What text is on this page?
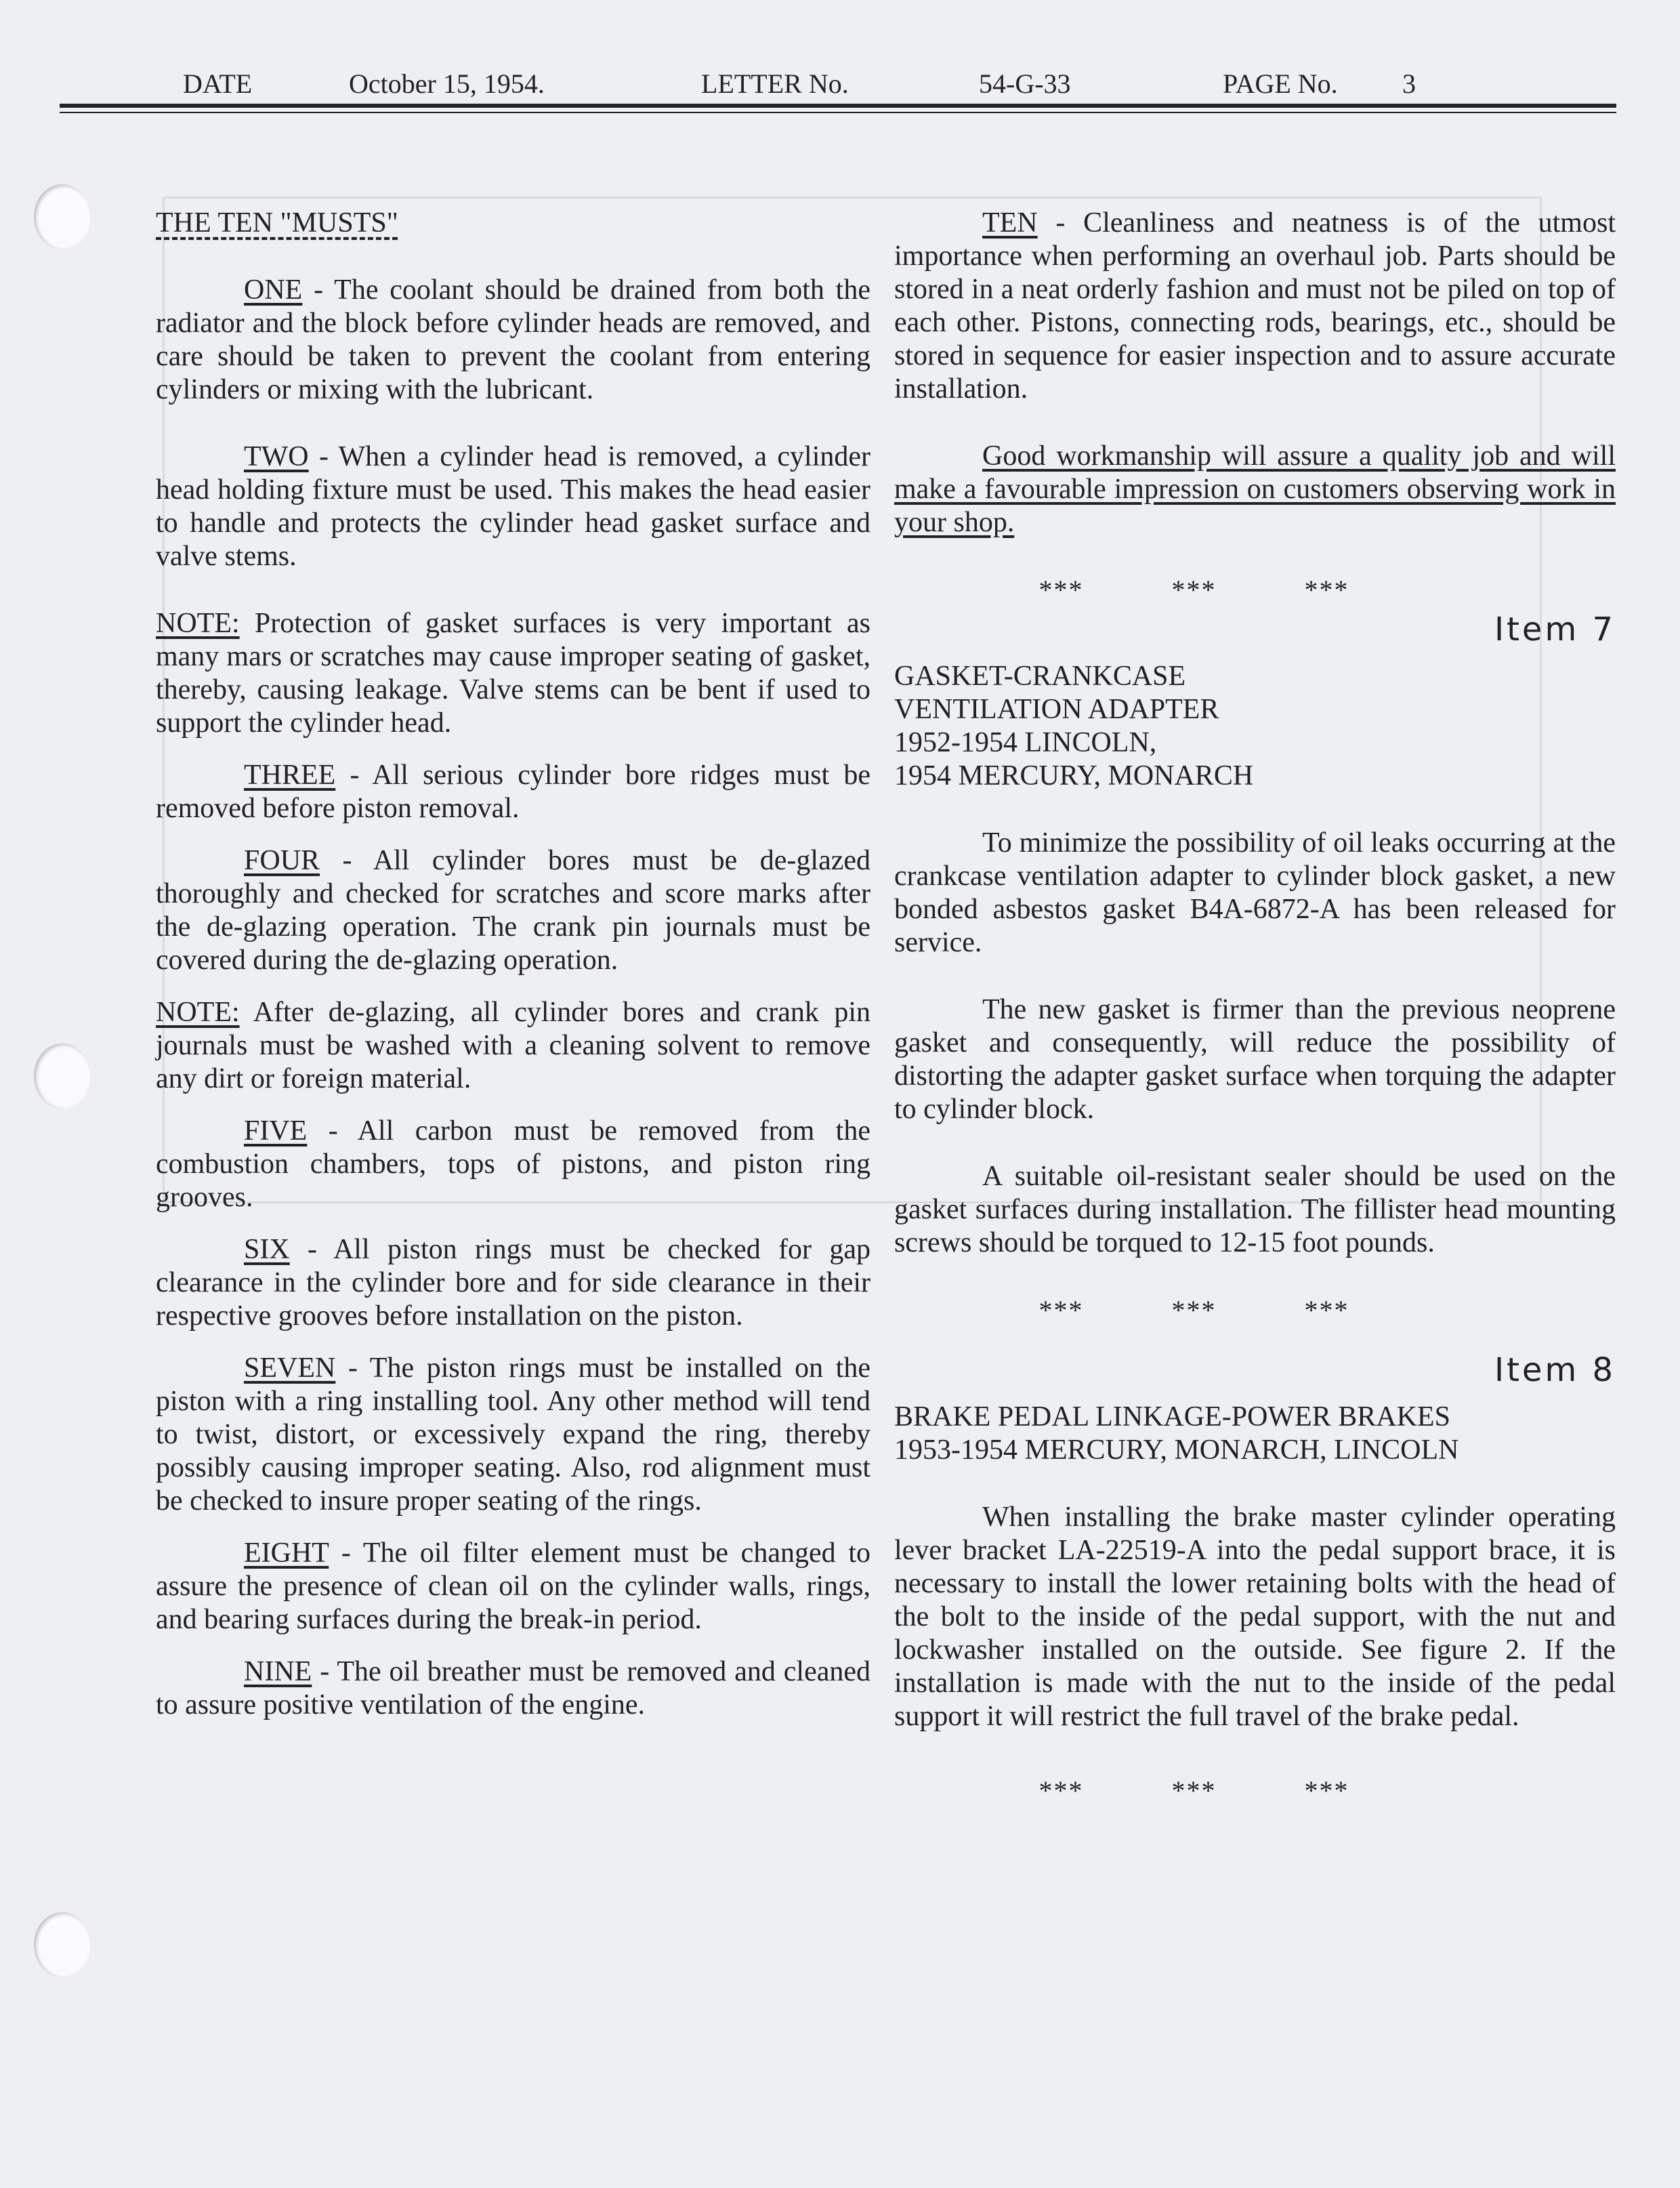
DATE	October 15, 1954.	LETTER No.	54-G-33	PAGE No. 3

THE TEN "MUSTS"

ONE - The coolant should be drained from both the radiator and the block before cylinder heads are removed, and care should be taken to prevent the coolant from entering cylinders or mixing with the lubricant.

TWO - When a cylinder head is removed, a cylinder head holding fixture must be used. This makes the head easier to handle and protects the cylinder head gasket surface and valve stems.

NOTE: Protection of gasket surfaces is very important as many mars or scratches may cause improper seating of gasket, thereby, causing leakage. Valve stems can be bent if used to support the cylinder head.

THREE - All serious cylinder bore ridges must be removed before piston removal.

FOUR - All cylinder bores must be de-glazed thoroughly and checked for scratches and score marks after the de-glazing operation. The crank pin journals must be covered during the de-glazing operation.

NOTE: After de-glazing, all cylinder bores and crank pin journals must be washed with a cleaning solvent to remove any dirt or foreign material.

FIVE - All carbon must be removed from the combustion chambers, tops of pistons, and piston ring grooves.

SIX - All piston rings must be checked for gap clearance in the cylinder bore and for side clearance in their respective grooves before installation on the piston.

SEVEN - The piston rings must be installed on the piston with a ring installing tool. Any other method will tend to twist, distort, or excessively expand the ring, thereby possibly causing improper seating. Also, rod alignment must be checked to insure proper seating of the rings.

EIGHT - The oil filter element must be changed to assure the presence of clean oil on the cylinder walls, rings, and bearing surfaces during the break-in period.

NINE - The oil breather must be removed and cleaned to assure positive ventilation of the engine.

TEN - Cleanliness and neatness is of the utmost importance when performing an overhaul job. Parts should be stored in a neat orderly fashion and must not be piled on top of each other. Pistons, connecting rods, bearings, etc., should be stored in sequence for easier inspection and to assure accurate installation.

Good workmanship will assure a quality job and will make a favourable impression on customers observing work in your shop.

***	***	***
Item 7
GASKET-CRANKCASE
VENTILATION ADAPTER
1952-1954 LINCOLN,
1954 MERCURY, MONARCH

To minimize the possibility of oil leaks occurring at the crankcase ventilation adapter to cylinder block gasket, a new bonded asbestos gasket B4A-6872-A has been released for service.

The new gasket is firmer than the previous neoprene gasket and consequently, will reduce the possibility of distorting the adapter gasket surface when torquing the adapter to cylinder block.

A suitable oil-resistant sealer should be used on the gasket surfaces during installation. The fillister head mounting screws should be torqued to 12-15 foot pounds.

***	***	***
Item 8
BRAKE PEDAL LINKAGE-POWER BRAKES
1953-1954 MERCURY, MONARCH, LINCOLN

When installing the brake master cylinder operating lever bracket LA-22519-A into the pedal support brace, it is necessary to install the lower retaining bolts with the head of the bolt to the inside of the pedal support, with the nut and lockwasher installed on the outside. See figure 2. If the installation is made with the nut to the inside of the pedal support it will restrict the full travel of the brake pedal.

***	***	***
